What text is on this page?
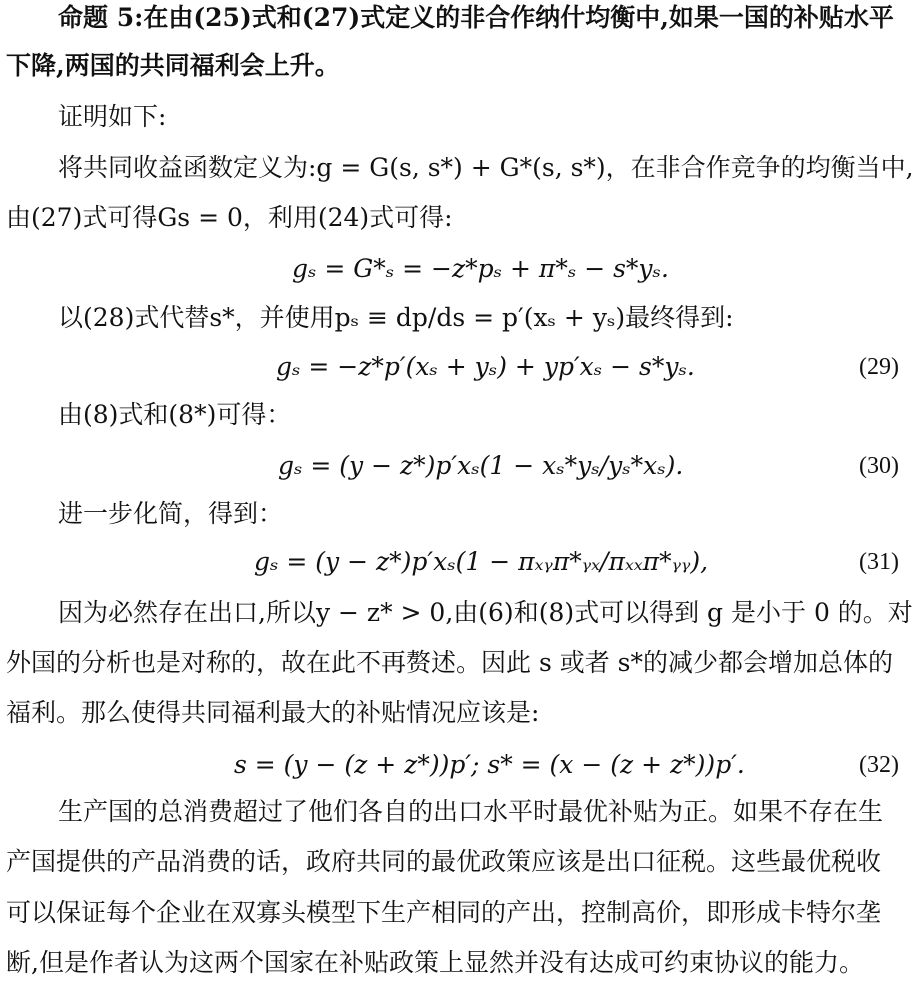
命题 5:在由(25)式和(27)式定义的非合作纳什均衡中,如果一国的补贴水平
下降,两国的共同福利会上升。
证明如下:
将共同收益函数定义为:g = G(s, s*) + G*(s, s*)，在非合作竞争的均衡当中,
由(27)式可得Gs = 0，利用(24)式可得:
gₛ = G*ₛ = −z*pₛ + π*ₛ − s*yₛ.
以(28)式代替s*，并使用pₛ ≡ dp/ds = p′(xₛ + yₛ)最终得到:
gₛ = −z*p′(xₛ + yₛ) + yp′xₛ − s*yₛ.	(29)
由(8)式和(8*)可得：
gₛ = (y − z*)p′xₛ(1 − xₛ*yₛ/yₛ*xₛ).	(30)
进一步化简，得到：
gₛ = (y − z*)p′xₛ(1 − πₓᵧπ*ᵧₓ/πₓₓπ*ᵧᵧ),	(31)
因为必然存在出口,所以y − z* > 0,由(6)和(8)式可以得到 g 是小于 0 的。对
外国的分析也是对称的，故在此不再赘述。因此 s 或者 s*的减少都会增加总体的
福利。那么使得共同福利最大的补贴情况应该是:
s = (y − (z + z*))p′; s* = (x − (z + z*))p′.	(32)
生产国的总消费超过了他们各自的出口水平时最优补贴为正。如果不存在生
产国提供的产品消费的话，政府共同的最优政策应该是出口征税。这些最优税收
可以保证每个企业在双寡头模型下生产相同的产出，控制高价，即形成卡特尔垄
断,但是作者认为这两个国家在补贴政策上显然并没有达成可约束协议的能力。
